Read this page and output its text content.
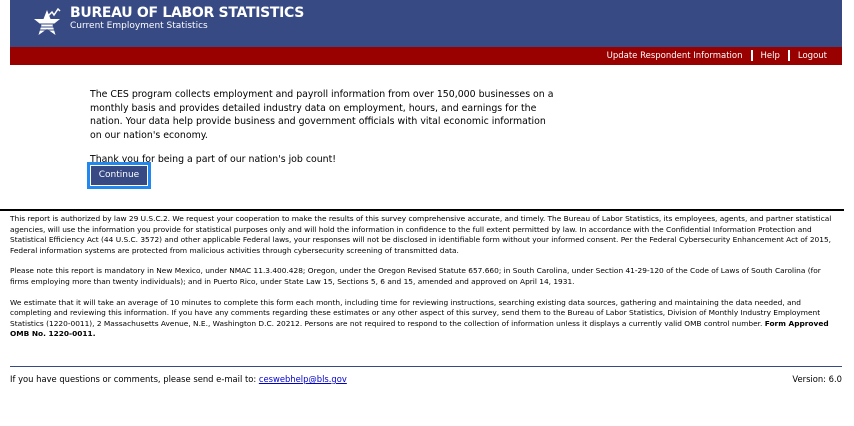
BUREAU OF LABOR STATISTICS
Current Employment Statistics
Update Respondent Information Help Logout

The CES program collects employment and payroll information from over 150,000 businesses on a monthly basis and provides detailed industry data on employment, hours, and earnings for the nation. Your data help provide business and government officials with vital economic information on our nation's economy.

Thank you for being a part of our nation's job count!

Continue

This report is authorized by law 29 U.S.C.2. We request your cooperation to make the results of this survey comprehensive accurate, and timely. The Bureau of Labor Statistics, its employees, agents, and partner statistical agencies, will use the information you provide for statistical purposes only and will hold the information in confidence to the full extent permitted by law. In accordance with the Confidential Information Protection and Statistical Efficiency Act (44 U.S.C. 3572) and other applicable Federal laws, your responses will not be disclosed in identifiable form without your informed consent. Per the Federal Cybersecurity Enhancement Act of 2015, Federal information systems are protected from malicious activities through cybersecurity screening of transmitted data.

Please note this report is mandatory in New Mexico, under NMAC 11.3.400.428; Oregon, under the Oregon Revised Statute 657.660; in South Carolina, under Section 41-29-120 of the Code of Laws of South Carolina (for firms employing more than twenty individuals); and in Puerto Rico, under State Law 15, Sections 5, 6 and 15, amended and approved on April 14, 1931.

We estimate that it will take an average of 10 minutes to complete this form each month, including time for reviewing instructions, searching existing data sources, gathering and maintaining the data needed, and completing and reviewing this information. If you have any comments regarding these estimates or any other aspect of this survey, send them to the Bureau of Labor Statistics, Division of Monthly Industry Employment Statistics (1220-0011), 2 Massachusetts Avenue, N.E., Washington D.C. 20212. Persons are not required to respond to the collection of information unless it displays a currently valid OMB control number. Form Approved OMB No. 1220-0011.

If you have questions or comments, please send e-mail to: ceswebhelp@bls.gov	Version: 6.0
